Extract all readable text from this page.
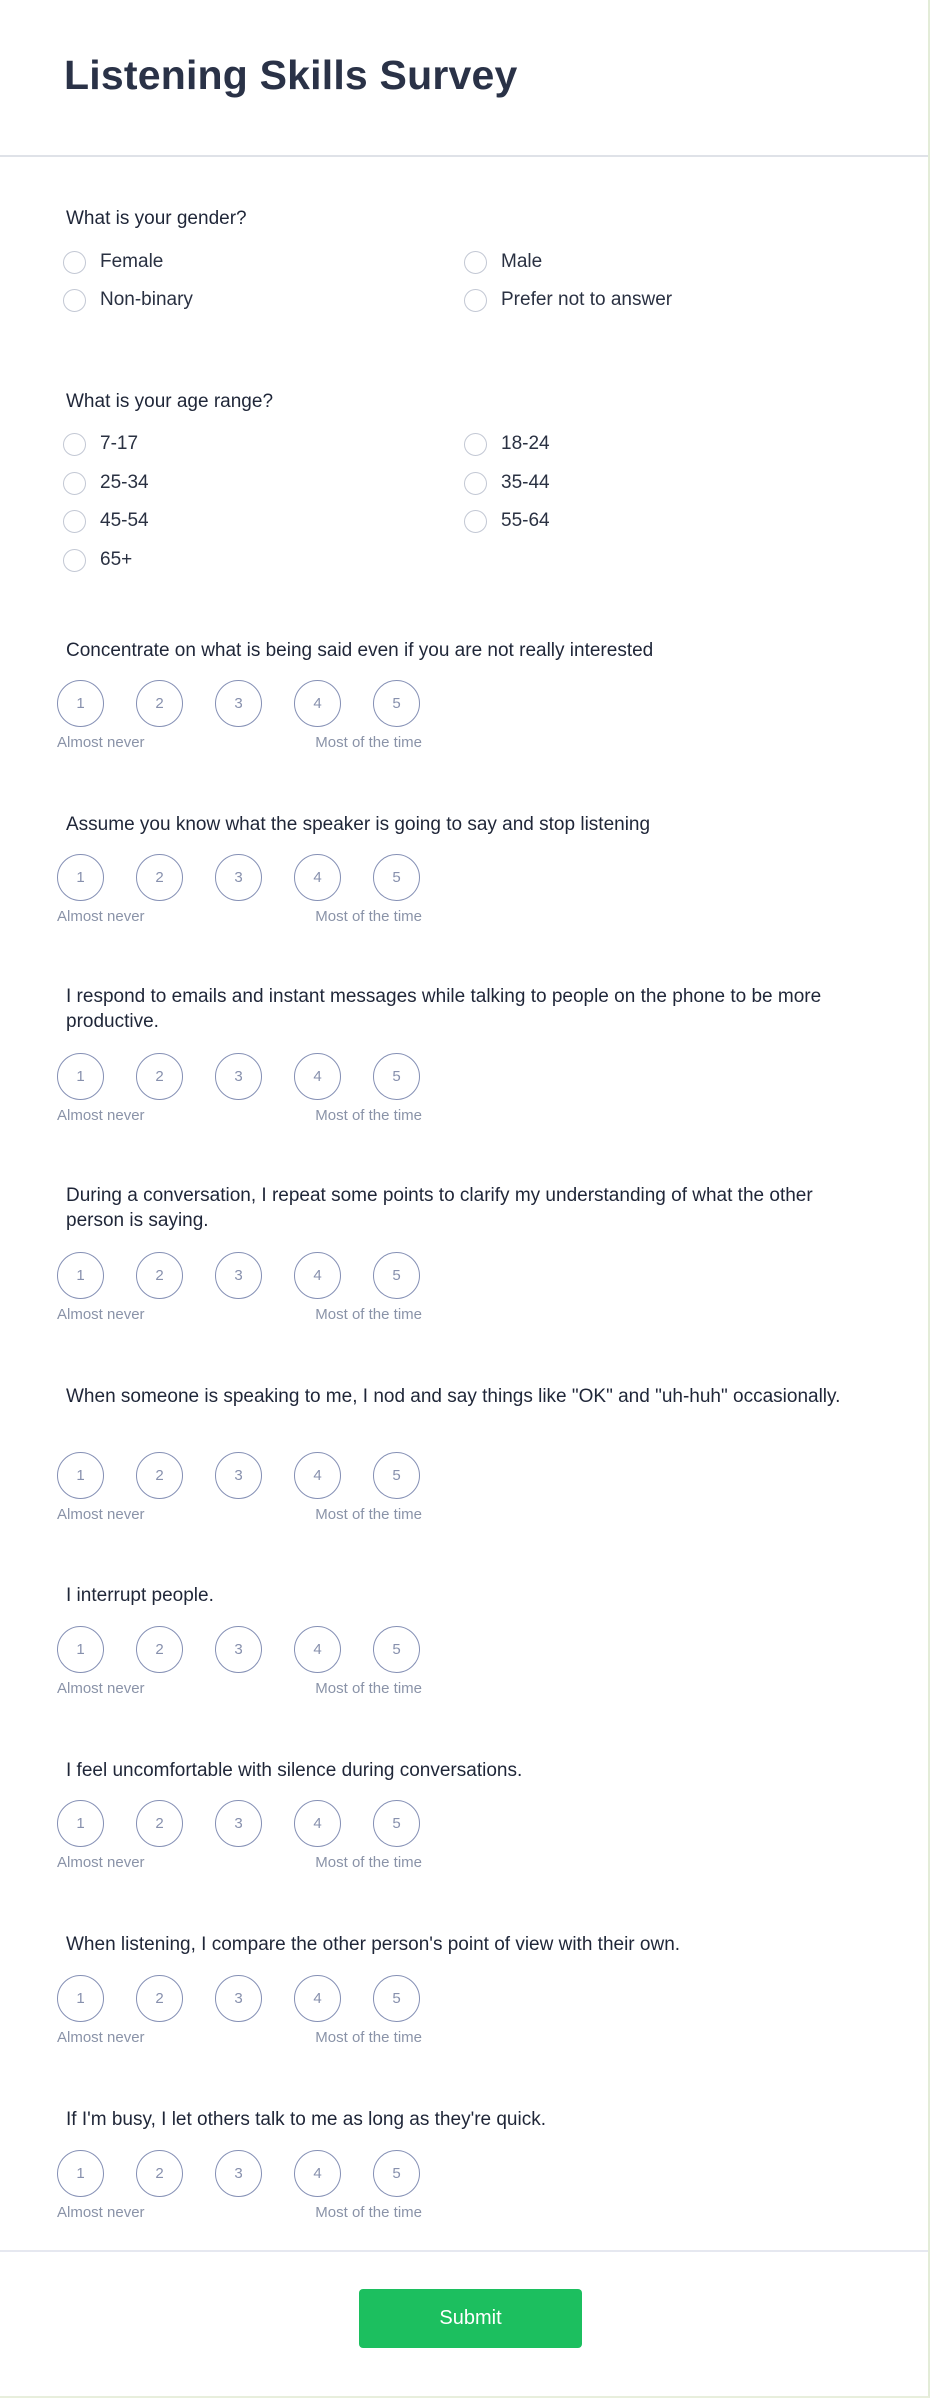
Listening Skills Survey
What is your gender?
Female	Male
Non-binary	Prefer not to answer
What is your age range?
7-17	18-24
25-34	35-44
45-54	55-64
65+
Concentrate on what is being said even if you are not really interested
1	2	3	4	5
Almost never	Most of the time
Assume you know what the speaker is going to say and stop listening
1	2	3	4	5
Almost never	Most of the time
I respond to emails and instant messages while talking to people on the phone to be more productive.
1	2	3	4	5
Almost never	Most of the time
During a conversation, I repeat some points to clarify my understanding of what the other person is saying.
1	2	3	4	5
Almost never	Most of the time
When someone is speaking to me, I nod and say things like "OK" and "uh-huh" occasionally.
1	2	3	4	5
Almost never	Most of the time
I interrupt people.
1	2	3	4	5
Almost never	Most of the time
I feel uncomfortable with silence during conversations.
1	2	3	4	5
Almost never	Most of the time
When listening, I compare the other person's point of view with their own.
1	2	3	4	5
Almost never	Most of the time
If I'm busy, I let others talk to me as long as they're quick.
1	2	3	4	5
Almost never	Most of the time
Submit
